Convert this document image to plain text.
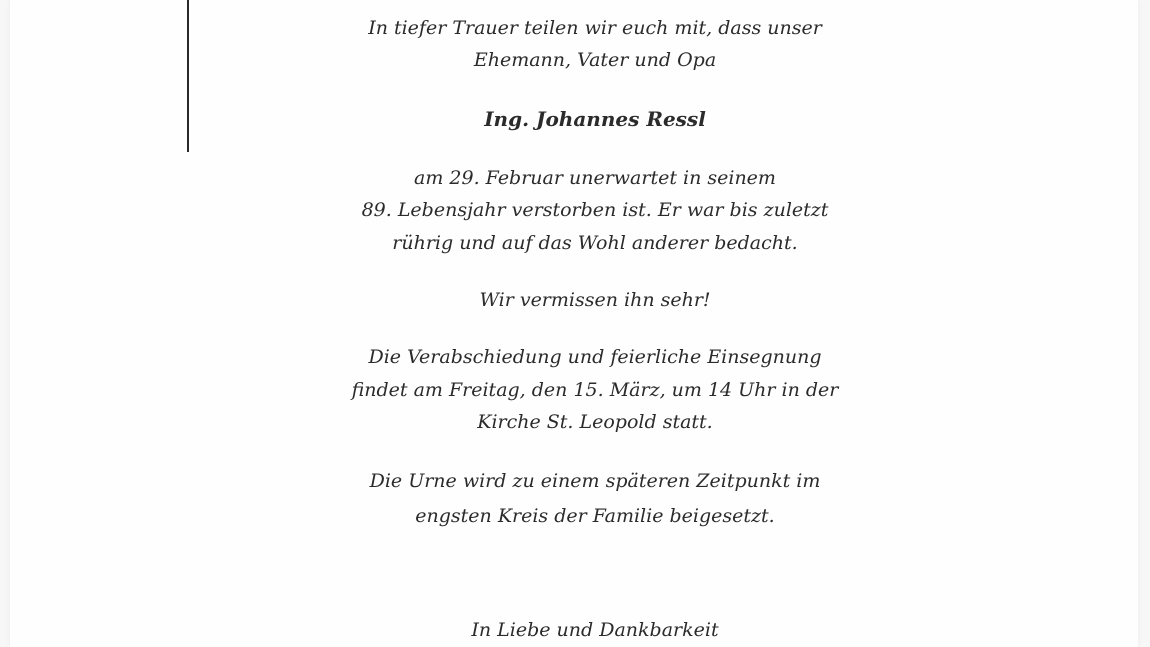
In tiefer Trauer teilen wir euch mit, dass unser
Ehemann, Vater und Opa
Ing. Johannes Ressl
am 29. Februar unerwartet in seinem
89. Lebensjahr verstorben ist. Er war bis zuletzt
rührig und auf das Wohl anderer bedacht.
Wir vermissen ihn sehr!
Die Verabschiedung und feierliche Einsegnung
findet am Freitag, den 15. März, um 14 Uhr in der
Kirche St. Leopold statt.
Die Urne wird zu einem späteren Zeitpunkt im
engsten Kreis der Familie beigesetzt.
In Liebe und Dankbarkeit
